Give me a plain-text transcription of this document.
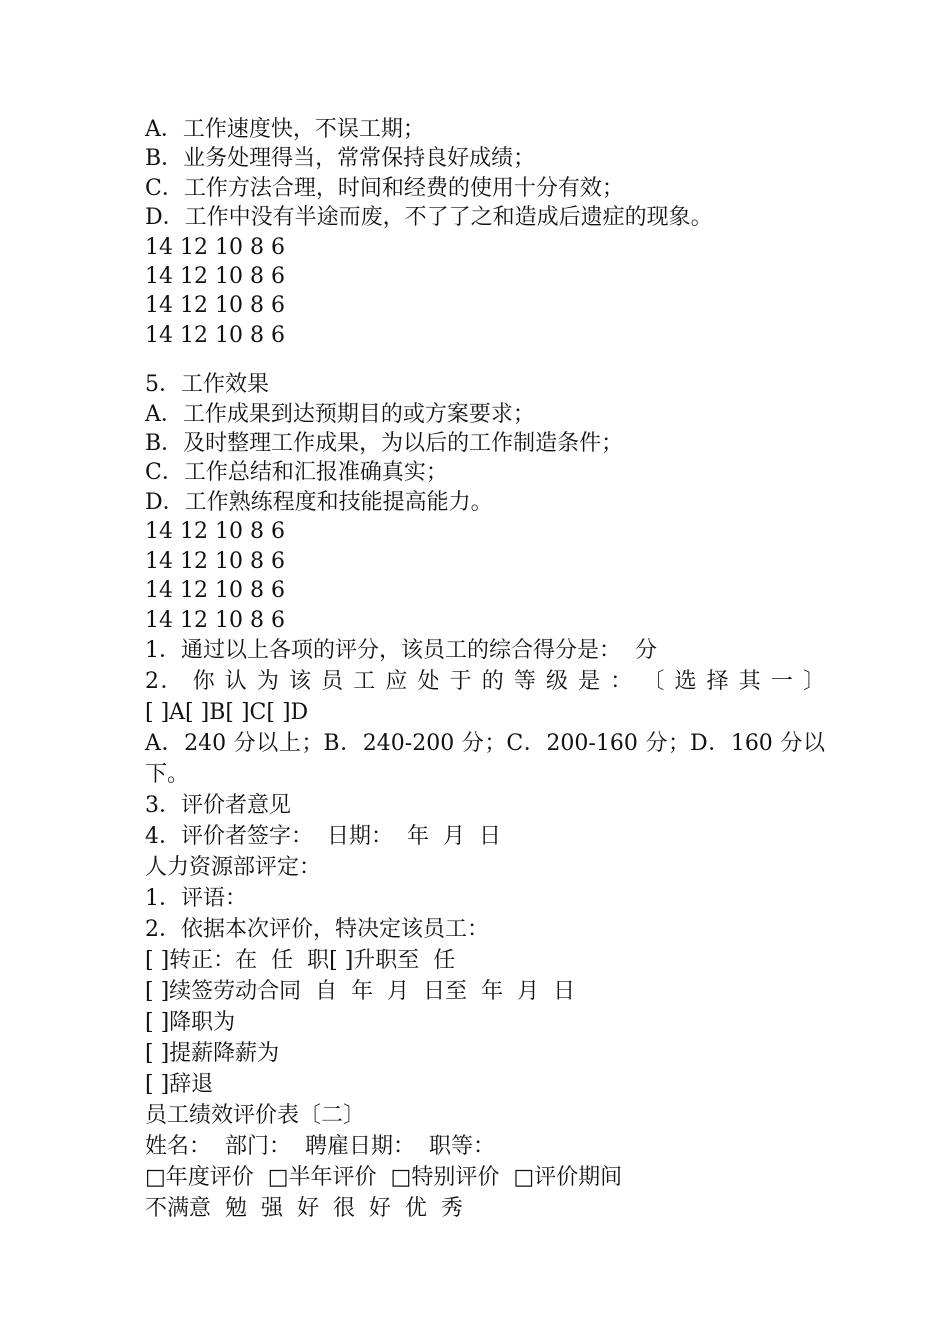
A．工作速度快，不误工期；

B．业务处理得当，常常保持良好成绩；

C．工作方法合理，时间和经费的使用十分有效；

D．工作中没有半途而废，不了了之和造成后遗症的现象。

14 12 10 8 6

14 12 10 8 6

14 12 10 8 6

14 12 10 8 6

5．工作效果

A．工作成果到达预期目的或方案要求；

B．及时整理工作成果，为以后的工作制造条件；

C．工作总结和汇报准确真实；

D．工作熟练程度和技能提高能力。

14 12 10 8 6

14 12 10 8 6

14 12 10 8 6

14 12 10 8 6

1．通过以上各项的评分，该员工的综合得分是：  分

2． 你 认 为 该 员 工 应 处 于 的 等 级 是 ： 〔 选 择 其 一 〕

[ ]A[ ]B[ ]C[ ]D

A．240 分以上；B．240-200 分；C．200-160 分；D．160 分以下。

3．评价者意见

4．评价者签字：  日期：  年  月  日

人力资源部评定：

1．评语：

2．依据本次评价，特决定该员工：

[ ]转正：在  任  职[ ]升职至  任

[ ]续签劳动合同  自  年  月  日至  年  月  日

[ ]降职为

[ ]提薪降薪为

[ ]辞退

员工绩效评价表〔二〕

姓名：  部门：  聘雇日期：  职等：

□年度评价  □半年评价  □特别评价  □评价期间

不满意  勉  强  好  很  好  优  秀
